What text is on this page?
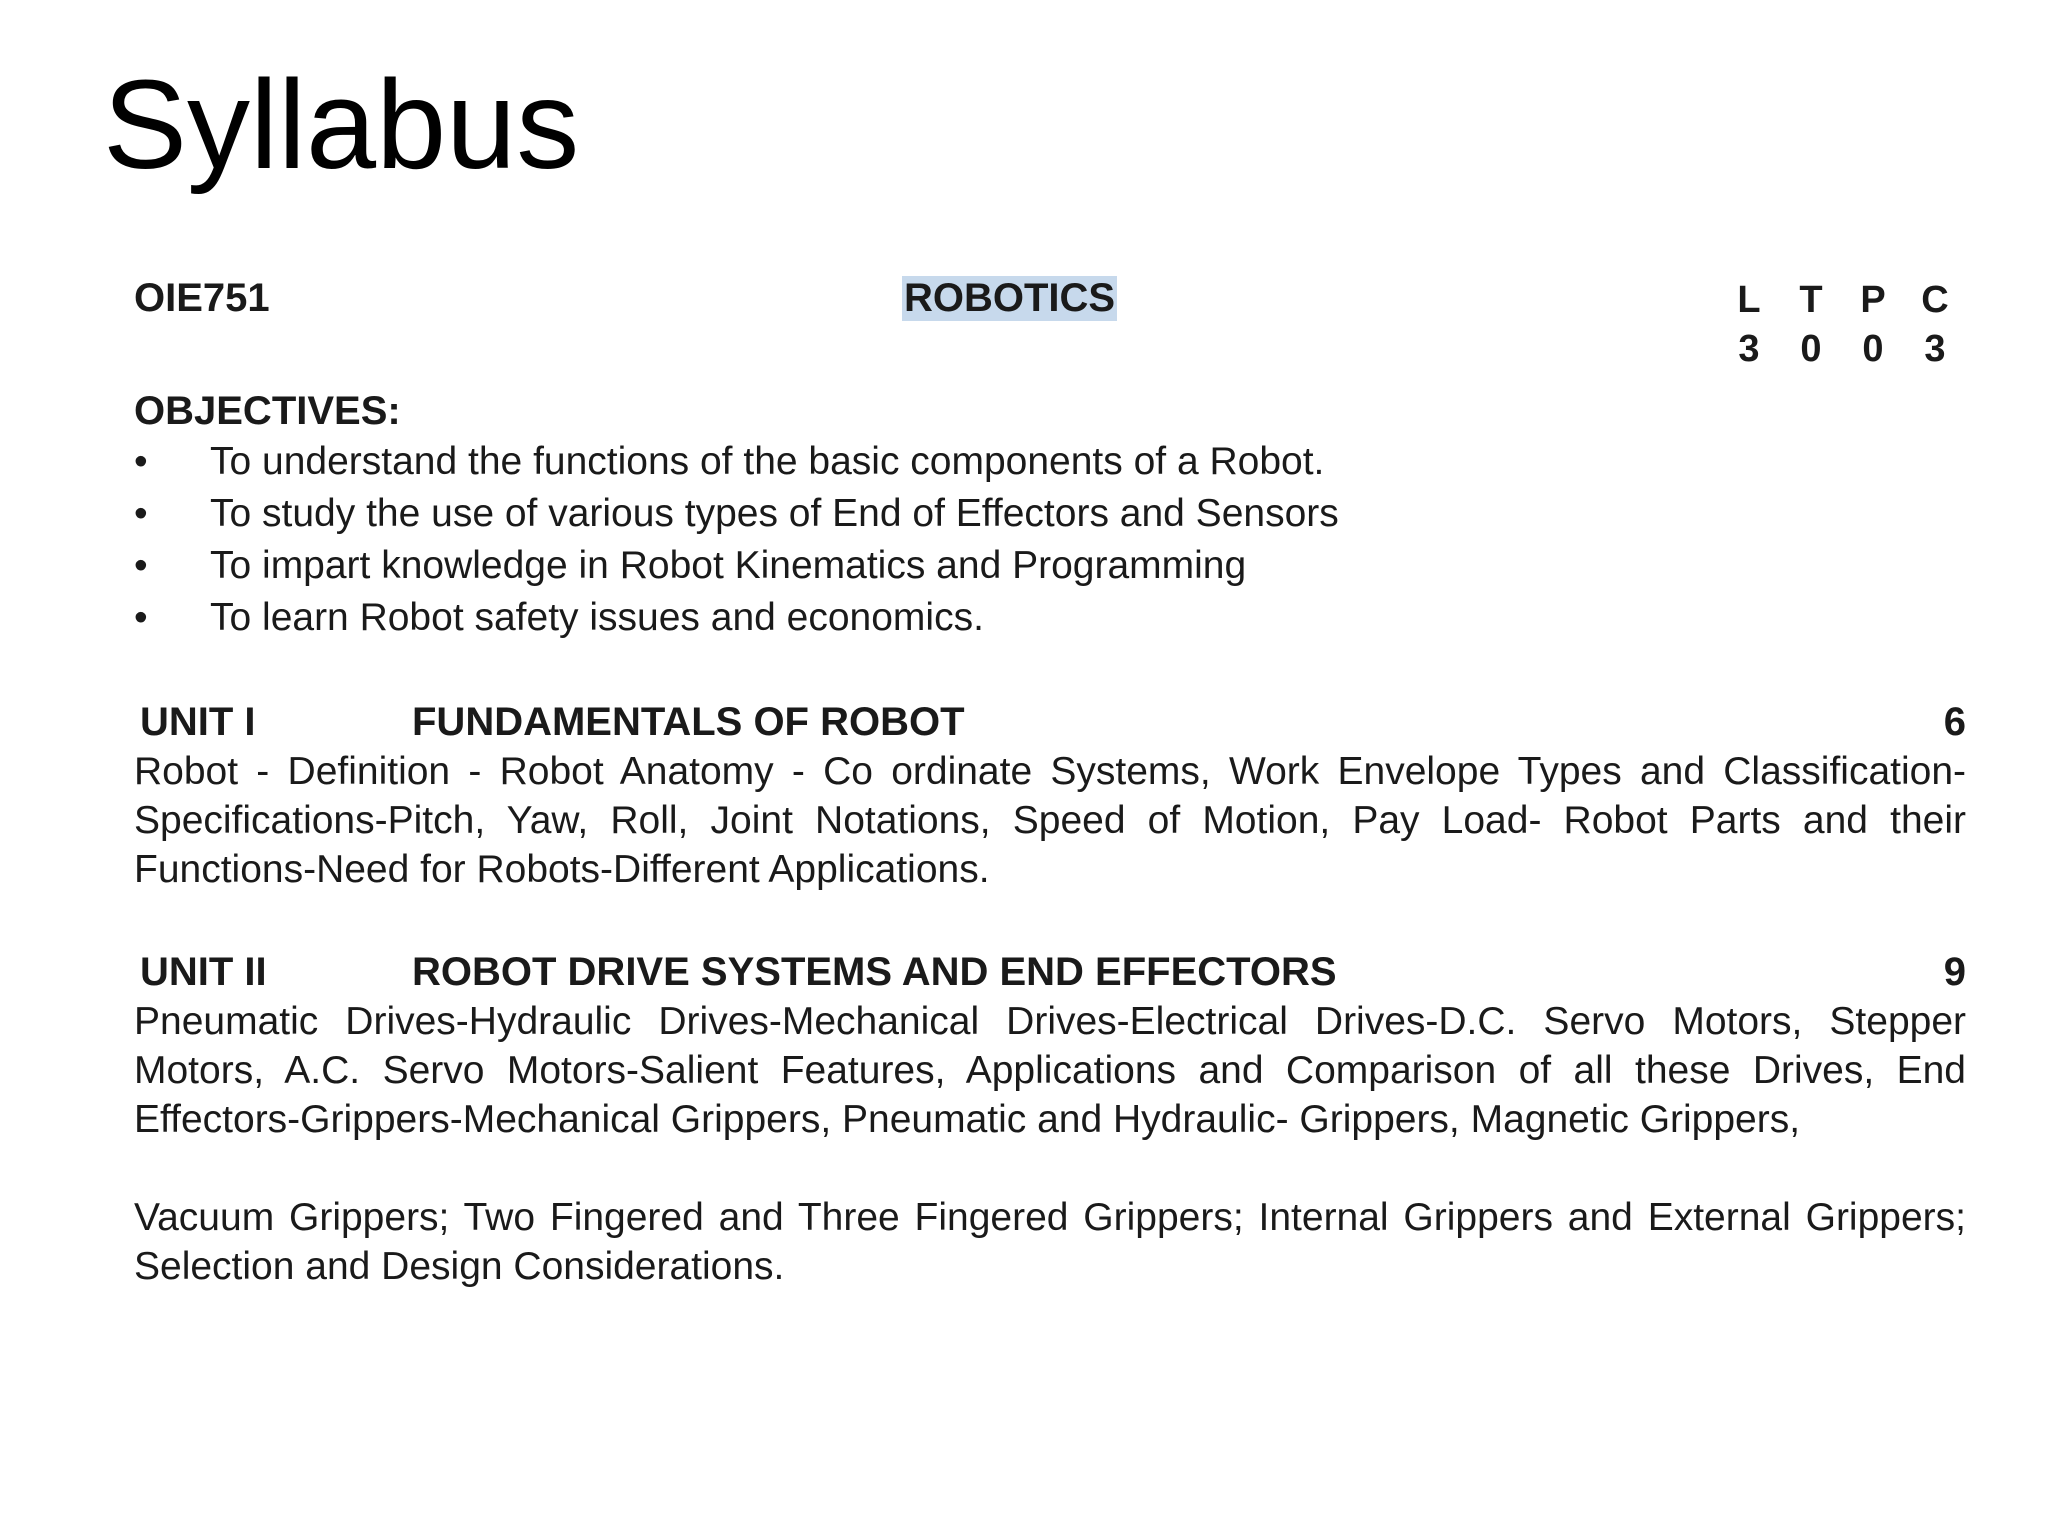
Syllabus
OIE751	ROBOTICS	L T P C
3 0 0 3
OBJECTIVES:
• To understand the functions of the basic components of a Robot.
• To study the use of various types of End of Effectors and Sensors
• To impart knowledge in Robot Kinematics and Programming
• To learn Robot safety issues and economics.
UNIT I	FUNDAMENTALS OF ROBOT	6

Robot - Definition - Robot Anatomy - Co ordinate Systems, Work Envelope Types and Classification- Specifications-Pitch, Yaw, Roll, Joint Notations, Speed of Motion, Pay Load- Robot Parts and their Functions-Need for Robots-Different Applications.

UNIT II	ROBOT DRIVE SYSTEMS AND END EFFECTORS	9

Pneumatic Drives-Hydraulic Drives-Mechanical Drives-Electrical Drives-D.C. Servo Motors, Stepper Motors, A.C. Servo Motors-Salient Features, Applications and Comparison of all these Drives, End Effectors-Grippers-Mechanical Grippers, Pneumatic and Hydraulic- Grippers, Magnetic Grippers,

Vacuum Grippers; Two Fingered and Three Fingered Grippers; Internal Grippers and External Grippers; Selection and Design Considerations.
